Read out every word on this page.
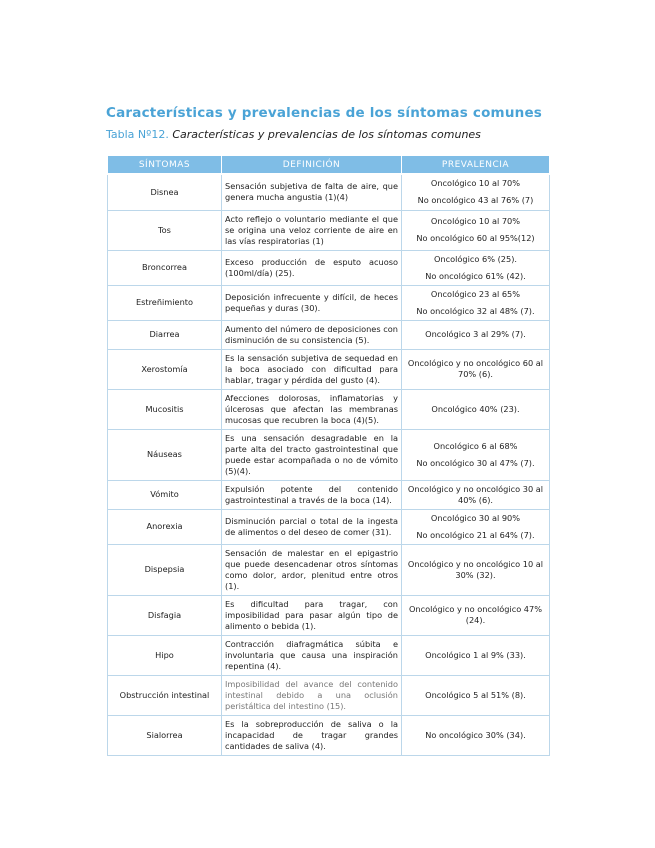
Características y prevalencias de los síntomas comunes
Tabla Nº12. Características y prevalencias de los síntomas comunes
SÍNTOMAS	DEFINICIÓN	PREVALENCIA
Disnea	Sensación subjetiva de falta de aire, que genera mucha angustia (1)(4)	Oncológico 10 al 70%
No oncológico 43 al 76% (7)

Tos	Acto reflejo o voluntario mediante el que se origina una veloz corriente de aire en las vías respiratorias (1)	Oncológico 10 al 70%
No oncológico 60 al 95%(12)

Broncorrea	Exceso producción de esputo acuoso (100ml/día) (25).	Oncológico 6% (25).
No oncológico 61% (42).

Estreñimiento	Deposición infrecuente y difícil, de heces pequeñas y duras (30).	Oncológico 23 al 65%
No oncológico 32 al 48% (7).

Diarrea	Aumento del número de deposiciones con disminución de su consistencia (5).	Oncológico 3 al 29% (7).

Xerostomía	Es la sensación subjetiva de sequedad en la boca asociado con dificultad para hablar, tragar y pérdida del gusto (4).	Oncológico y no oncológico 60 al 70% (6).

Mucositis	Afecciones dolorosas, inflamatorias y úlcerosas que afectan las membranas mucosas que recubren la boca (4)(5).	Oncológico 40% (23).

Náuseas	Es una sensación desagradable en la parte alta del tracto gastrointestinal que puede estar acompañada o no de vómito (5)(4).	Oncológico 6 al 68%
No oncológico 30 al 47% (7).

Vómito	Expulsión potente del contenido gastrointestinal a través de la boca (14).	Oncológico y no oncológico 30 al 40% (6).

Anorexia	Disminución parcial o total de la ingesta de alimentos o del deseo de comer (31).	Oncológico 30 al 90%
No oncológico 21 al 64% (7).

Dispepsia	Sensación de malestar en el epigastrio que puede desencadenar otros síntomas como dolor, ardor, plenitud entre otros (1).	Oncológico y no oncológico 10 al 30% (32).

Disfagia	Es dificultad para tragar, con imposibilidad para pasar algún tipo de alimento o bebida (1).	Oncológico y no oncológico 47% (24).

Hipo	Contracción diafragmática súbita e involuntaria que causa una inspiración repentina (4).	Oncológico 1 al 9% (33).

Obstrucción intestinal	Imposibilidad del avance del contenido intestinal debido a una oclusión peristáltica del intestino (15).	Oncológico 5 al 51% (8).

Sialorrea	Es la sobreproducción de saliva o la incapacidad de tragar grandes cantidades de saliva (4).	No oncológico 30% (34).
